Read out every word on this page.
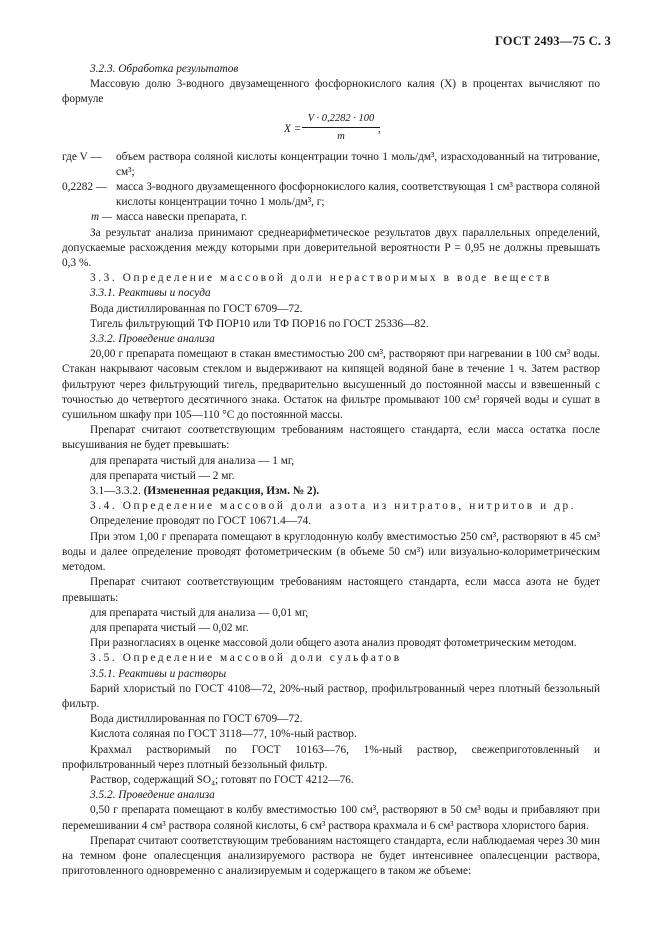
ГОСТ 2493—75 С. 3

3.2.3. Обработка результатов

Массовую долю 3-водного двузамещенного фосфорнокислого калия (X) в процентах вычисляют по формуле

$X = \frac{V \cdot 0,2282 \cdot 100}{m}$
,
где V —	объем раствора соляной кислоты концентрации точно 1 моль/дм³, израсходованный на титрование, см³;
0,2282 — масса 3-водного двузамещенного фосфорнокислого калия, соответствующая 1 см³ раствора соляной кислоты концентрации точно 1 моль/дм³, г;
m — масса навески препарата, г.

За результат анализа принимают среднеарифметическое результатов двух параллельных определений, допускаемые расхождения между которыми при доверительной вероятности P = 0,95 не должны превышать 0,3 %.

3.3. Определение массовой доли нерастворимых в воде веществ

3.3.1. Реактивы и посуда

Вода дистиллированная по ГОСТ 6709—72.

Тигель фильтрующий ТФ ПОР10 или ТФ ПОР16 по ГОСТ 25336—82.

3.3.2. Проведение анализа

20,00 г препарата помещают в стакан вместимостью 200 см³, растворяют при нагревании в 100 см³ воды. Стакан накрывают часовым стеклом и выдерживают на кипящей водяной бане в течение 1 ч. Затем раствор фильтруют через фильтрующий тигель, предварительно высушенный до постоянной массы и взвешенный с точностью до четвертого десятичного знака. Остаток на фильтре промывают 100 см³ горячей воды и сушат в сушильном шкафу при 105—110 °С до постоянной массы.

Препарат считают соответствующим требованиям настоящего стандарта, если масса остатка после высушивания не будет превышать:

для препарата чистый для анализа — 1 мг,

для препарата чистый — 2 мг.

3.1—3.3.2. (Измененная редакция, Изм. № 2).

3.4. Определение массовой доли азота из нитратов, нитритов и др.

Определение проводят по ГОСТ 10671.4—74.

При этом 1,00 г препарата помещают в круглодонную колбу вместимостью 250 см³, растворяют в 45 см³ воды и далее определение проводят фотометрическим (в объеме 50 см³) или визуально-колориметрическим методом.

Препарат считают соответствующим требованиям настоящего стандарта, если масса азота не будет превышать:

для препарата чистый для анализа — 0,01 мг,

для препарата чистый — 0,02 мг.

При разногласиях в оценке массовой доли общего азота анализ проводят фотометрическим методом.

3.5. Определение массовой доли сульфатов

3.5.1. Реактивы и растворы

Барий хлористый по ГОСТ 4108—72, 20%-ный раствор, профильтрованный через плотный беззольный фильтр.

Вода дистиллированная по ГОСТ 6709—72.

Кислота соляная по ГОСТ 3118—77, 10%-ный раствор.

Крахмал растворимый по ГОСТ 10163—76, 1%-ный раствор, свежеприготовленный и профильтрованный через плотный беззольный фильтр.

Раствор, содержащий SO₄; готовят по ГОСТ 4212—76.

3.5.2. Проведение анализа

0,50 г препарата помещают в колбу вместимостью 100 см³, растворяют в 50 см³ воды и прибавляют при перемешивании 4 см³ раствора соляной кислоты, 6 см³ раствора крахмала и 6 см³ раствора хлористого бария.

Препарат считают соответствующим требованиям настоящего стандарта, если наблюдаемая через 30 мин на темном фоне опалесценция анализируемого раствора не будет интенсивнее опалесценции раствора, приготовленного одновременно с анализируемым и содержащего в таком же объеме:
